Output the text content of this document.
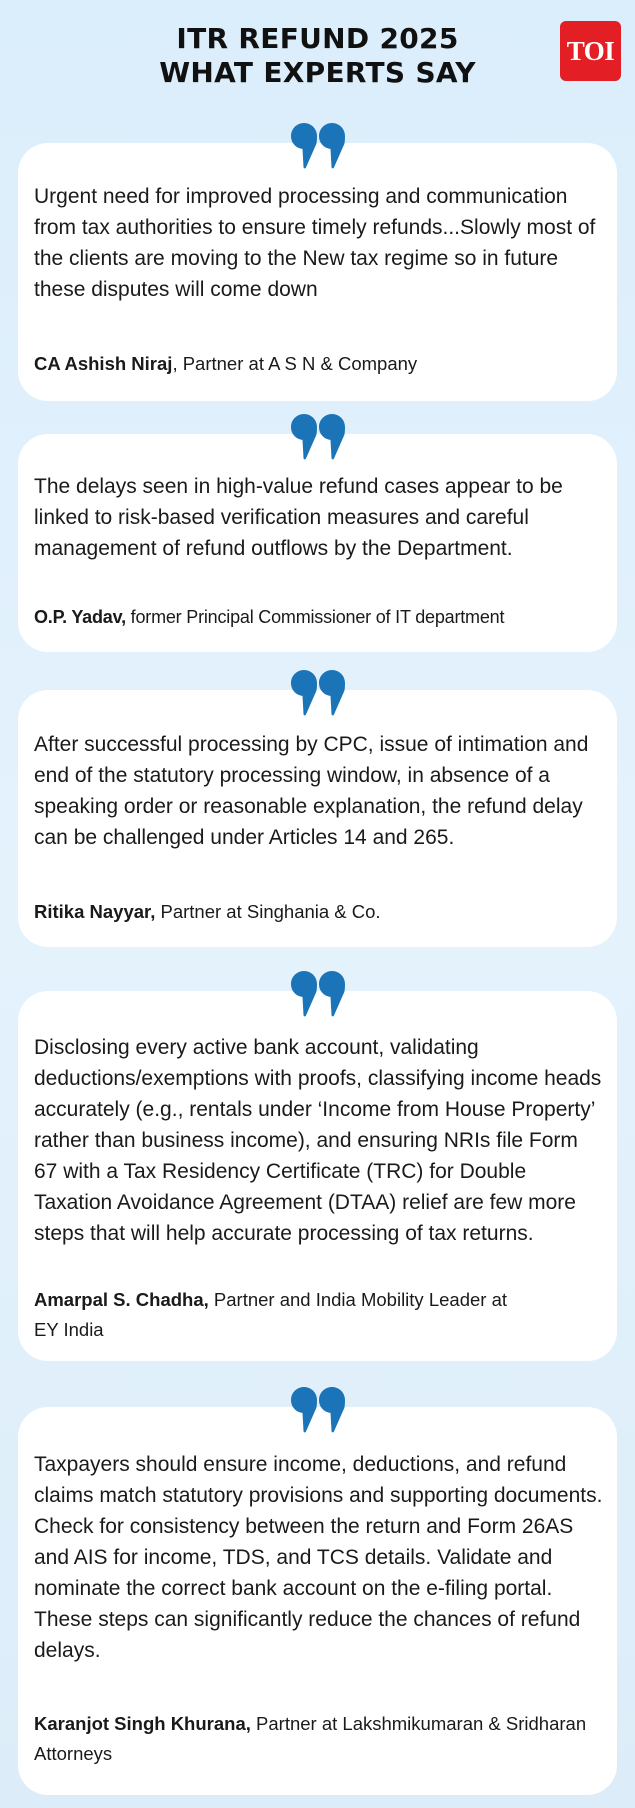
ITR REFUND 2025
WHAT EXPERTS SAY
TOI

Urgent need for improved processing and communication from tax authorities to ensure timely refunds...Slowly most of the clients are moving to the New tax regime so in future these disputes will come down

CA Ashish Niraj, Partner at A S N & Company

The delays seen in high-value refund cases appear to be linked to risk-based verification measures and careful management of refund outflows by the Department.

O.P. Yadav, former Principal Commissioner of IT department

After successful processing by CPC, issue of intimation and end of the statutory processing window, in absence of a speaking order or reasonable explanation, the refund delay can be challenged under Articles 14 and 265.

Ritika Nayyar, Partner at Singhania & Co.

Disclosing every active bank account, validating deductions/exemptions with proofs, classifying income heads accurately (e.g., rentals under ‘Income from House Property’ rather than business income), and ensuring NRIs file Form 67 with a Tax Residency Certificate (TRC) for Double Taxation Avoidance Agreement (DTAA) relief are few more steps that will help accurate processing of tax returns.

Amarpal S. Chadha, Partner and India Mobility Leader at EY India

Taxpayers should ensure income, deductions, and refund claims match statutory provisions and supporting documents. Check for consistency between the return and Form 26AS and AIS for income, TDS, and TCS details. Validate and nominate the correct bank account on the e-filing portal. These steps can significantly reduce the chances of refund delays.

Karanjot Singh Khurana, Partner at Lakshmikumaran & Sridharan Attorneys
